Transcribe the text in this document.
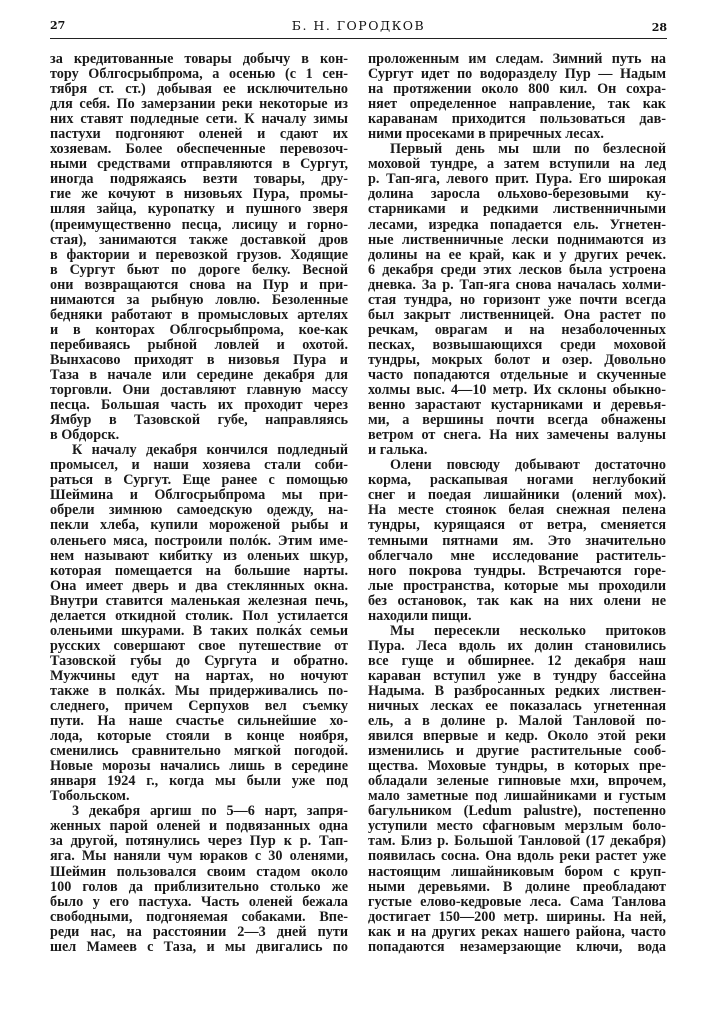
27	Б. Н. ГОРОДКОВ	28
за кредитованные товары добычу в кон-
тору Облгосрыбпрома, а осенью (с 1 сен-
тября ст. ст.) добывая ее исключительно
для себя. По замерзании реки некоторые из
них ставят подледные сети. К началу зимы
пастухи подгоняют оленей и сдают их
хозяевам. Более обеспеченные перевозоч-
ными средствами отправляются в Сургут,
иногда подряжаясь везти товары, дру-
гие же кочуют в низовьях Пура, промы-
шляя зайца, куропатку и пушного зверя
(преимущественно песца, лисицу и горно-
стая), занимаются также доставкой дров
в фактории и перевозкой грузов. Ходящие
в Сургут бьют по дороге белку. Весной
они возвращаются снова на Пур и при-
нимаются за рыбную ловлю. Безоленные
бедняки работают в промысловых артелях
и в конторах Облгосрыбпрома, кое-как
перебиваясь рыбной ловлей и охотой.
Вынхасово приходят в низовья Пура и
Таза в начале или середине декабря для
торговли. Они доставляют главную массу
песца. Большая часть их проходит через
Ямбур в Тазовской губе, направляясь
в Обдорск.
К началу декабря кончился подледный
промысел, и наши хозяева стали соби-
раться в Сургут. Еще ранее с помощью
Шеймина и Облгосрыбпрома мы при-
обрели зимнюю самоедскую одежду, на-
пекли хлеба, купили мороженой рыбы и
оленьего мяса, построили полóк. Этим име-
нем называют кибитку из оленьих шкур,
которая помещается на большие нарты.
Она имеет дверь и два стеклянных окна.
Внутри ставится маленькая железная печь,
делается откидной столик. Пол устилается
оленьими шкурами. В таких полкáх семьи
русских совершают свое путешествие от
Тазовской губы до Сургута и обратно.
Мужчины едут на нартах, но ночуют
также в полкáх. Мы придерживались по-
следнего, причем Серпухов вел съемку
пути. На наше счастье сильнейшие хо-
лода, которые стояли в конце ноября,
сменились сравнительно мягкой погодой.
Новые морозы начались лишь в середине
января 1924 г., когда мы были уже под
Тобольском.
3 декабря аргиш по 5—6 нарт, запря-
женных парой оленей и подвязанных одна
за другой, потянулись через Пур к р. Тап-
яга. Мы наняли чум юраков с 30 оленями,
Шеймин пользовался своим стадом около
100 голов да приблизительно столько же
было у его пастуха. Часть оленей бежала
свободными, подгоняемая собаками. Впе-
реди нас, на расстоянии 2—3 дней пути
шел Мамеев с Таза, и мы двигались по
проложенным им следам. Зимний путь на
Сургут идет по водоразделу Пур — Надым
на протяжении около 800 кил. Он сохра-
няет определенное направление, так как
караванам приходится пользоваться дав-
ними просеками в приречных лесах.
Первый день мы шли по безлесной
моховой тундре, а затем вступили на лед
р. Тап-яга, левого прит. Пура. Его широкая
долина заросла ольхово-березовыми ку-
старниками и редкими лиственничными
лесами, изредка попадается ель. Угнетен-
ные лиственничные лески поднимаются из
долины на ее край, как и у других речек.
6 декабря среди этих лесков была устроена
дневка. За р. Тап-яга снова началась холми-
стая тундра, но горизонт уже почти всегда
был закрыт лиственницей. Она растет по
речкам, оврагам и на незаболоченных
песках, возвышающихся среди моховой
тундры, мокрых болот и озер. Довольно
часто попадаются отдельные и скученные
холмы выс. 4—10 метр. Их склоны обыкно-
венно зарастают кустарниками и деревья-
ми, а вершины почти всегда обнажены
ветром от снега. На них замечены валуны
и галька.
Олени повсюду добывают достаточно
корма, раскапывая ногами неглубокий
снег и поедая лишайники (олений мох).
На месте стоянок белая снежная пелена
тундры, курящаяся от ветра, сменяется
темными пятнами ям. Это значительно
облегчало мне исследование раститель-
ного покрова тундры. Встречаются горе-
лые пространства, которые мы проходили
без остановок, так как на них олени не
находили пищи.
Мы пересекли несколько притоков
Пура. Леса вдоль их долин становились
все гуще и обширнее. 12 декабря наш
караван вступил уже в тундру бассейна
Надыма. В разбросанных редких листвен-
ничных лесках ее показалась угнетенная
ель, а в долине р. Малой Танловой по-
явился впервые и кедр. Около этой реки
изменились и другие растительные сооб-
щества. Моховые тундры, в которых пре-
обладали зеленые гипновые мхи, впрочем,
мало заметные под лишайниками и густым
багульником (Ledum palustre), постепенно
уступили место сфагновым мерзлым боло-
там. Близ р. Большой Танловой (17 декабря)
появилась сосна. Она вдоль реки растет уже
настоящим лишайниковым бором с круп-
ными деревьями. В долине преобладают
густые елово-кедровые леса. Сама Танлова
достигает 150—200 метр. ширины. На ней,
как и на других реках нашего района, часто
попадаются незамерзающие ключи, вода
